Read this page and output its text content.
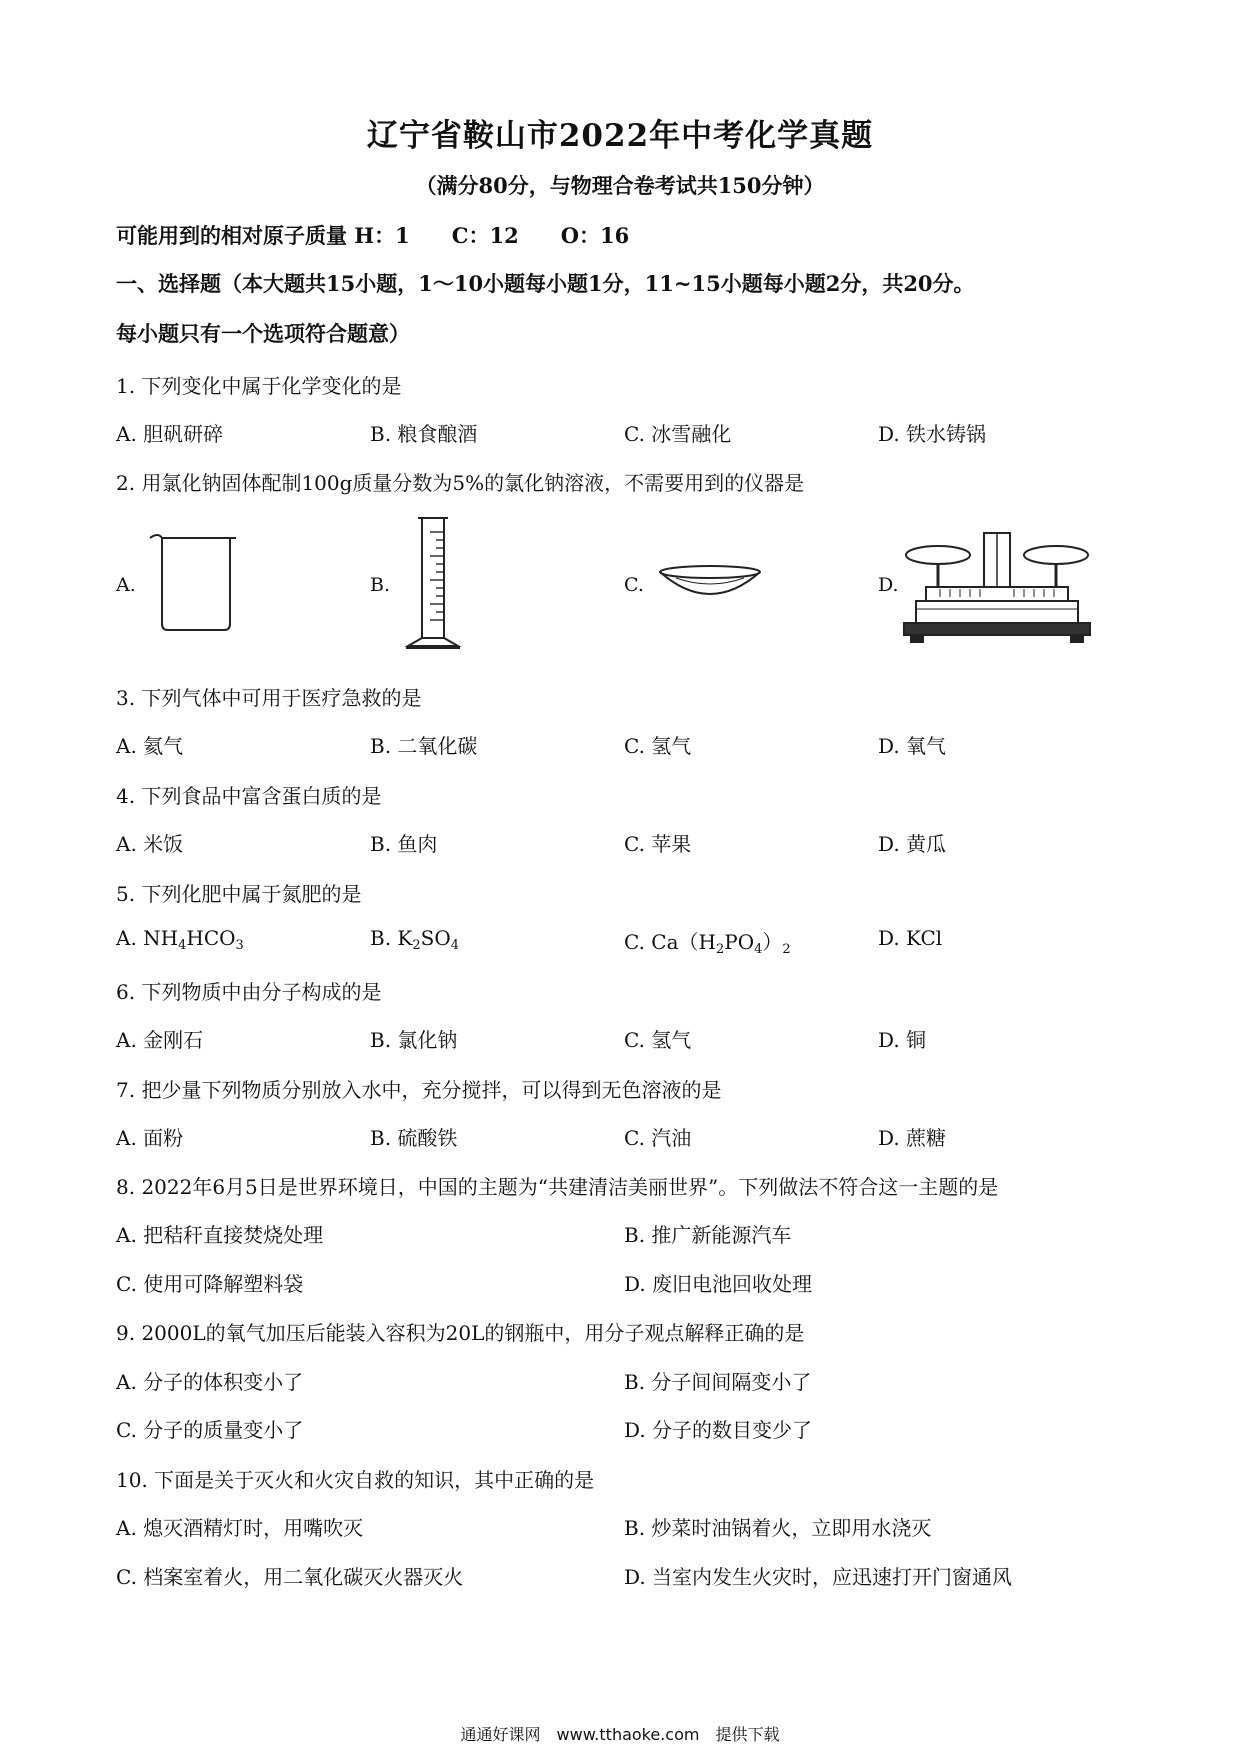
辽宁省鞍山市2022年中考化学真题
（满分80分，与物理合卷考试共150分钟）
可能用到的相对原子质量 H：1　　C：12　　O：16
一、选择题（本大题共15小题，1～10小题每小题1分，11~15小题每小题2分，共20分。
每小题只有一个选项符合题意）
1. 下列变化中属于化学变化的是
A. 胆矾研碎	B. 粮食酿酒	C. 冰雪融化	D. 铁水铸锅
2. 用氯化钠固体配制100g质量分数为5%的氯化钠溶液，不需要用到的仪器是
A.	B.	C.	D.
3. 下列气体中可用于医疗急救的是
A. 氦气	B. 二氧化碳	C. 氢气	D. 氧气
4. 下列食品中富含蛋白质的是
A. 米饭	B. 鱼肉	C. 苹果	D. 黄瓜
5. 下列化肥中属于氮肥的是
A. $NH_4HCO_3$	B. $K_2SO_4$	C. $Ca(H_2PO_4)_2$	D. KCl
6. 下列物质中由分子构成的是
A. 金刚石	B. 氯化钠	C. 氢气	D. 铜
7. 把少量下列物质分别放入水中，充分搅拌，可以得到无色溶液的是
A. 面粉	B. 硫酸铁	C. 汽油	D. 蔗糖
8. 2022年6月5日是世界环境日，中国的主题为“共建清洁美丽世界”。下列做法不符合这一主题的是
A. 把秸秆直接焚烧处理	B. 推广新能源汽车
C. 使用可降解塑料袋	D. 废旧电池回收处理
9. 2000L的氧气加压后能装入容积为20L的钢瓶中，用分子观点解释正确的是
A. 分子的体积变小了	B. 分子间间隔变小了
C. 分子的质量变小了	D. 分子的数目变少了
10. 下面是关于灭火和火灾自救的知识，其中正确的是
A. 熄灭酒精灯时，用嘴吹灭	B. 炒菜时油锅着火，立即用水浇灭
C. 档案室着火，用二氧化碳灭火器灭火	D. 当室内发生火灾时，应迅速打开门窗通风
通通好课网　www.tthaoke.com　提供下载
